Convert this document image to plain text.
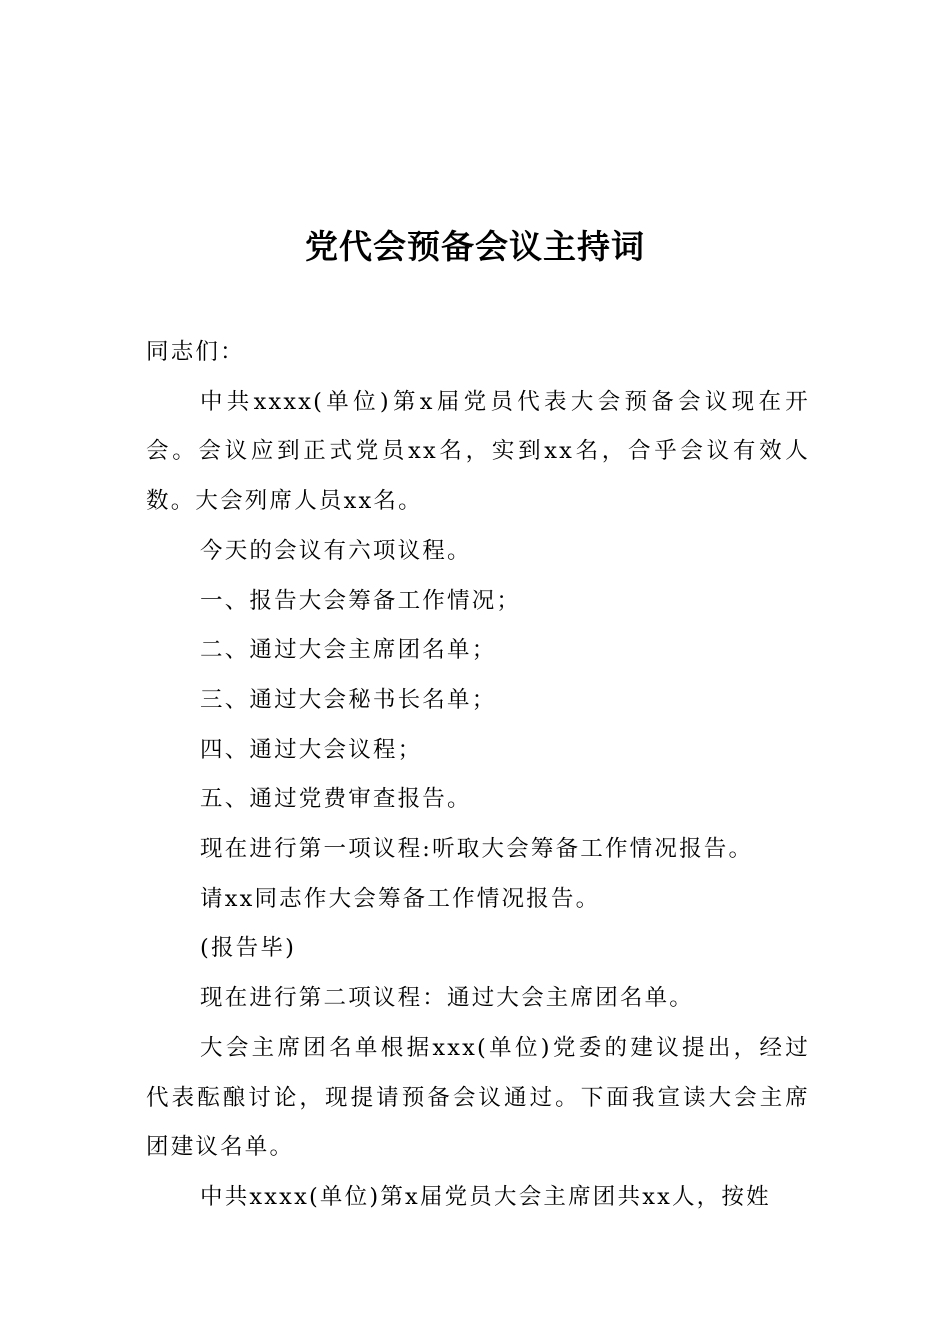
党代会预备会议主持词

同志们：

中共xxxx(单位)第x届党员代表大会预备会议现在开会。会议应到正式党员xx名，实到xx名，合乎会议有效人数。大会列席人员xx名。

今天的会议有六项议程。

一、报告大会筹备工作情况；

二、通过大会主席团名单；

三、通过大会秘书长名单；

四、通过大会议程；

五、通过党费审查报告。

现在进行第一项议程:听取大会筹备工作情况报告。

请xx同志作大会筹备工作情况报告。

(报告毕)

现在进行第二项议程：通过大会主席团名单。

大会主席团名单根据xxx(单位)党委的建议提出，经过代表酝酿讨论，现提请预备会议通过。下面我宣读大会主席团建议名单。

中共xxxx(单位)第x届党员大会主席团共xx人，按姓
